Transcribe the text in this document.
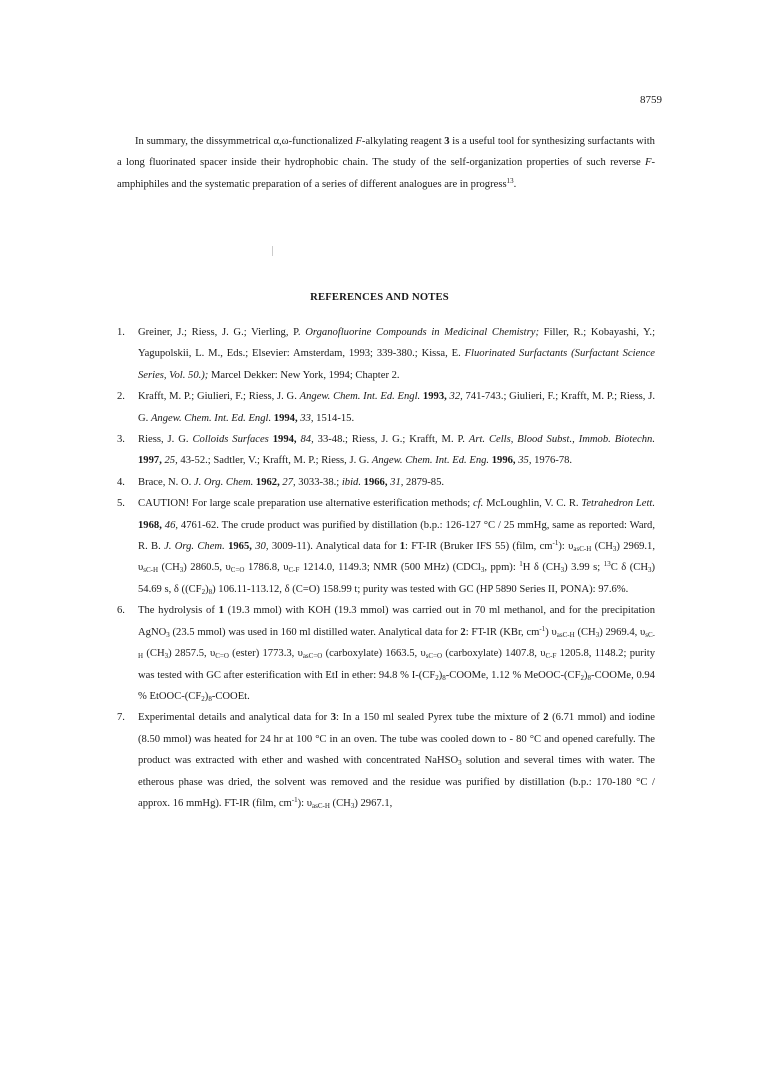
8759

In summary, the dissymmetrical α,ω-functionalized F-alkylating reagent 3 is a useful tool for synthesizing surfactants with a long fluorinated spacer inside their hydrophobic chain. The study of the self-organization properties of such reverse F-amphiphiles and the systematic preparation of a series of different analogues are in progress$^{13}$.

REFERENCES AND NOTES
1. Greiner, J.; Riess, J. G.; Vierling, P. Organofluorine Compounds in Medicinal Chemistry; Filler, R.; Kobayashi, Y.; Yagupolskii, L. M., Eds.; Elsevier: Amsterdam, 1993; 339-380.; Kissa, E. Fluorinated Surfactants (Surfactant Science Series, Vol. 50.); Marcel Dekker: New York, 1994; Chapter 2.
2. Krafft, M. P.; Giulieri, F.; Riess, J. G. Angew. Chem. Int. Ed. Engl. 1993, 32, 741-743.; Giulieri, F.; Krafft, M. P.; Riess, J. G. Angew. Chem. Int. Ed. Engl. 1994, 33, 1514-15.
3. Riess, J. G. Colloids Surfaces 1994, 84, 33-48.; Riess, J. G.; Krafft, M. P. Art. Cells, Blood Subst., Immob. Biotechn. 1997, 25, 43-52.; Sadtler, V.; Krafft, M. P.; Riess, J. G. Angew. Chem. Int. Ed. Eng. 1996, 35, 1976-78.
4. Brace, N. O. J. Org. Chem. 1962, 27, 3033-38.; ibid. 1966, 31, 2879-85.
5. CAUTION! For large scale preparation use alternative esterification methods; cf. McLoughlin, V. C. R. Tetrahedron Lett. 1968, 46, 4761-62. The crude product was purified by distillation (b.p.: 126-127 °C / 25 mmHg, same as reported: Ward, R. B. J. Org. Chem. 1965, 30, 3009-11). Analytical data for 1: FT-IR (Bruker IFS 55) (film, $cm^{-1}$): $\upsilon_{asC-H}$ $(CH_3)$ 2969.1, $\upsilon_{sC-H}$ $(CH_3)$ 2860.5, $\upsilon_{C=O}$ 1786.8, $\upsilon_{C-F}$ 1214.0, 1149.3; NMR (500 MHz) (CDCl$_3$, ppm): $^1$H δ $(CH_3)$ 3.99 s; $^{13}$C δ $(CH_3)$ 54.69 s, δ $((CF_2)_8)$ 106.11-113.12, δ (C=O) 158.99 t; purity was tested with GC (HP 5890 Series II, PONA): 97.6%.
6. The hydrolysis of 1 (19.3 mmol) with KOH (19.3 mmol) was carried out in 70 ml methanol, and for the precipitation AgNO$_3$ (23.5 mmol) was used in 160 ml distilled water. Analytical data for 2: FT-IR (KBr, $cm^{-1}$) $\upsilon_{asC-H}$ $(CH_3)$ 2969.4, $\upsilon_{sC-H}$ $(CH_3)$ 2857.5, $\upsilon_{C=O}$ (ester) 1773.3, $\upsilon_{asC=O}$ (carboxylate) 1663.5, $\upsilon_{sC=O}$ (carboxylate) 1407.8, $\upsilon_{C-F}$ 1205.8, 1148.2; purity was tested with GC after esterification with EtI in ether: 94.8 % $I-(CF_2)_8$-COOMe, 1.12 % MeOOC-$(CF_2)_8$-COOMe, 0.94 % EtOOC-$(CF_2)_8$-COOEt.
7. Experimental details and analytical data for 3: In a 150 ml sealed Pyrex tube the mixture of 2 (6.71 mmol) and iodine (8.50 mmol) was heated for 24 hr at 100 °C in an oven. The tube was cooled down to - 80 °C and opened carefully. The product was extracted with ether and washed with concentrated NaHSO$_3$ solution and several times with water. The etherous phase was dried, the solvent was removed and the residue was purified by distillation (b.p.: 170-180 °C / approx. 16 mmHg). FT-IR (film, $cm^{-1}$): $\upsilon_{asC-H}$ $(CH_3)$ 2967.1,
